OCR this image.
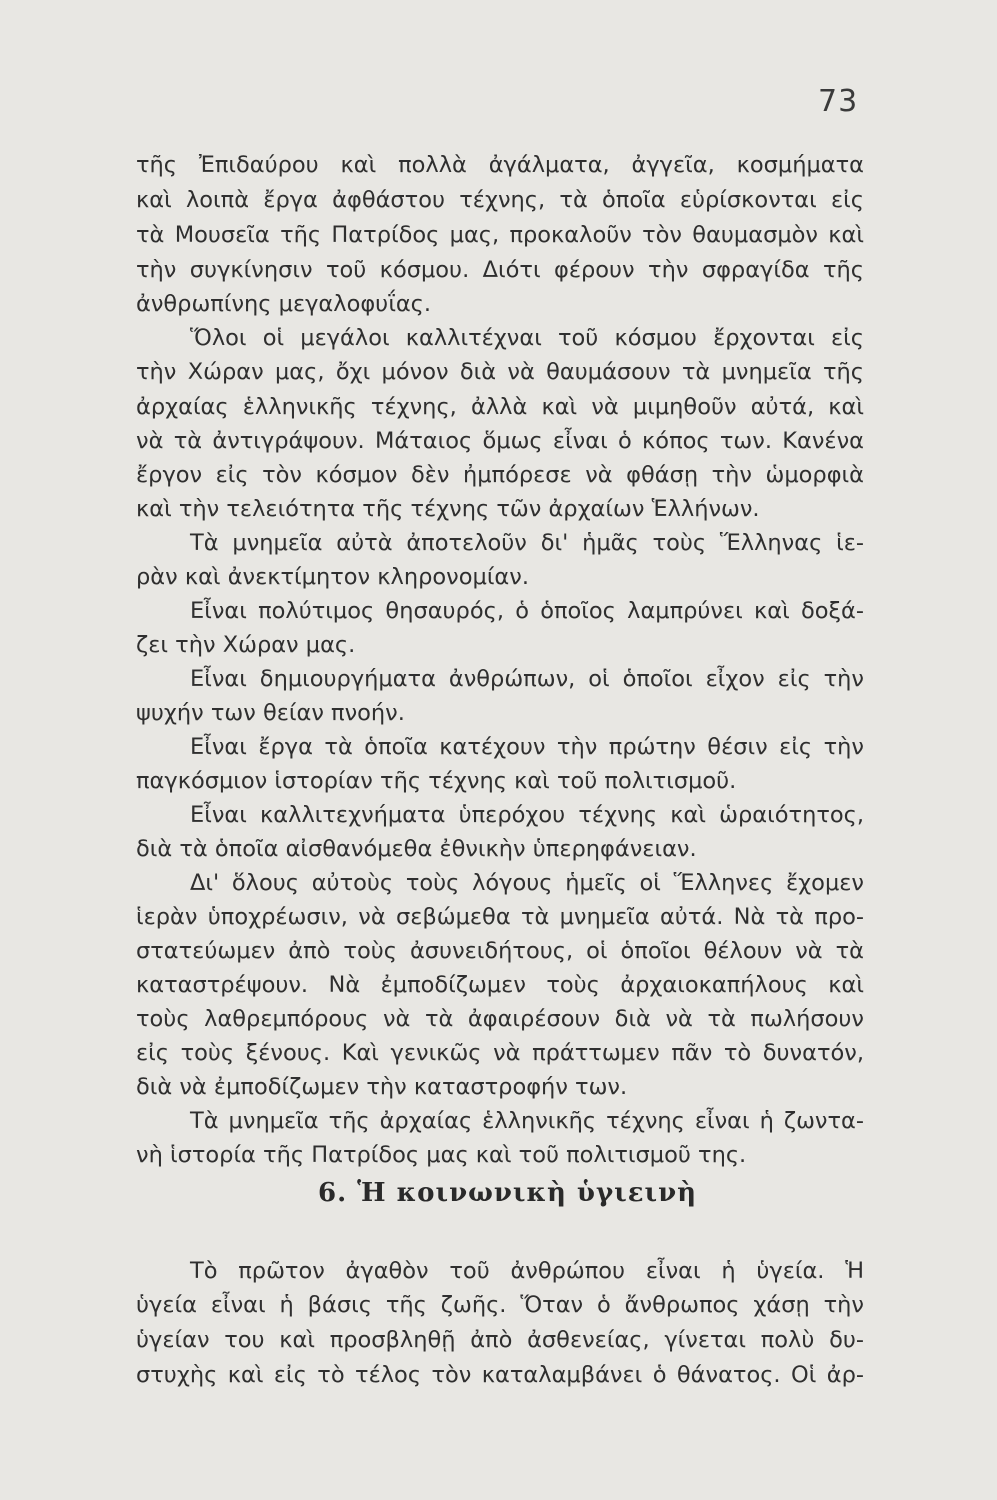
73
τῆς Ἐπιδαύρου καὶ πολλὰ ἀγάλματα, ἀγγεῖα, κοσμήματα
καὶ λοιπὰ ἔργα ἀφθάστου τέχνης, τὰ ὁποῖα εὑρίσκονται εἰς
τὰ Μουσεῖα τῆς Πατρίδος μας, προκαλοῦν τὸν θαυμασμὸν καὶ
τὴν συγκίνησιν τοῦ κόσμου. Διότι φέρουν τὴν σφραγίδα τῆς
ἀνθρωπίνης μεγαλοφυΐας.
Ὅλοι οἱ μεγάλοι καλλιτέχναι τοῦ κόσμου ἔρχονται εἰς
τὴν Χώραν μας, ὄχι μόνον διὰ νὰ θαυμάσουν τὰ μνημεῖα τῆς
ἀρχαίας ἑλληνικῆς τέχνης, ἀλλὰ καὶ νὰ μιμηθοῦν αὐτά, καὶ
νὰ τὰ ἀντιγράψουν. Μάταιος ὅμως εἶναι ὁ κόπος των. Κανένα
ἔργον εἰς τὸν κόσμον δὲν ἠμπόρεσε νὰ φθάσῃ τὴν ὡμορφιὰ
καὶ τὴν τελειότητα τῆς τέχνης τῶν ἀρχαίων Ἑλλήνων.
Τὰ μνημεῖα αὐτὰ ἀποτελοῦν δι' ἡμᾶς τοὺς Ἕλληνας ἱε-
ρὰν καὶ ἀνεκτίμητον κληρονομίαν.
Εἶναι πολύτιμος θησαυρός, ὁ ὁποῖος λαμπρύνει καὶ δοξά-
ζει τὴν Χώραν μας.
Εἶναι δημιουργήματα ἀνθρώπων, οἱ ὁποῖοι εἶχον εἰς τὴν
ψυχήν των θείαν πνοήν.
Εἶναι ἔργα τὰ ὁποῖα κατέχουν τὴν πρώτην θέσιν εἰς τὴν
παγκόσμιον ἱστορίαν τῆς τέχνης καὶ τοῦ πολιτισμοῦ.
Εἶναι καλλιτεχνήματα ὑπερόχου τέχνης καὶ ὡραιότητος,
διὰ τὰ ὁποῖα αἰσθανόμεθα ἐθνικὴν ὑπερηφάνειαν.
Δι' ὅλους αὐτοὺς τοὺς λόγους ἡμεῖς οἱ Ἕλληνες ἔχομεν
ἱερὰν ὑποχρέωσιν, νὰ σεβώμεθα τὰ μνημεῖα αὐτά. Νὰ τὰ προ-
στατεύωμεν ἀπὸ τοὺς ἀσυνειδήτους, οἱ ὁποῖοι θέλουν νὰ τὰ
καταστρέψουν. Νὰ ἐμποδίζωμεν τοὺς ἀρχαιοκαπήλους καὶ
τοὺς λαθρεμπόρους νὰ τὰ ἀφαιρέσουν διὰ νὰ τὰ πωλήσουν
εἰς τοὺς ξένους. Καὶ γενικῶς νὰ πράττωμεν πᾶν τὸ δυνατόν,
διὰ νὰ ἐμποδίζωμεν τὴν καταστροφήν των.
Τὰ μνημεῖα τῆς ἀρχαίας ἑλληνικῆς τέχνης εἶναι ἡ ζωντα-
νὴ ἱστορία τῆς Πατρίδος μας καὶ τοῦ πολιτισμοῦ της.
6. Ἡ κοινωνικὴ ὑγιεινὴ
Τὸ πρῶτον ἀγαθὸν τοῦ ἀνθρώπου εἶναι ἡ ὑγεία. Ἡ
ὑγεία εἶναι ἡ βάσις τῆς ζωῆς. Ὅταν ὁ ἄνθρωπος χάσῃ τὴν
ὑγείαν του καὶ προσβληθῇ ἀπὸ ἀσθενείας, γίνεται πολὺ δυ-
στυχὴς καὶ εἰς τὸ τέλος τὸν καταλαμβάνει ὁ θάνατος. Οἱ ἀρ-
